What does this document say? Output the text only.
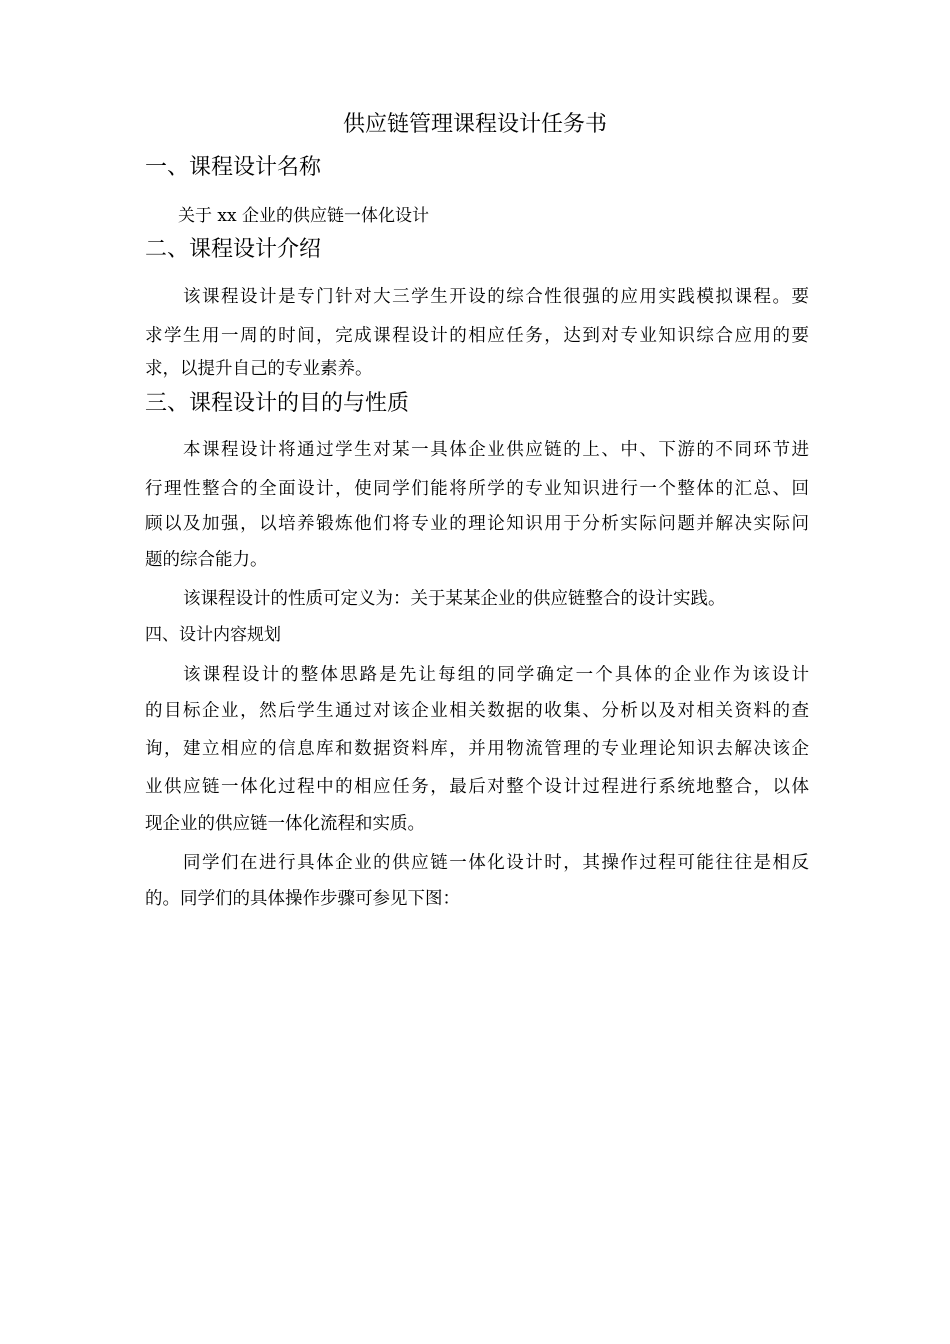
供应链管理课程设计任务书
一、课程设计名称

关于 xx 企业的供应链一体化设计

二、课程设计介绍

该课程设计是专门针对大三学生开设的综合性很强的应用实践模拟课程。要

求学生用一周的时间，完成课程设计的相应任务，达到对专业知识综合应用的要

求，以提升自己的专业素养。

三、课程设计的目的与性质

本课程设计将通过学生对某一具体企业供应链的上、中、下游的不同环节进

行理性整合的全面设计，使同学们能将所学的专业知识进行一个整体的汇总、回

顾以及加强，以培养锻炼他们将专业的理论知识用于分析实际问题并解决实际问

题的综合能力。

该课程设计的性质可定义为：关于某某企业的供应链整合的设计实践。

四、设计内容规划

该课程设计的整体思路是先让每组的同学确定一个具体的企业作为该设计

的目标企业，然后学生通过对该企业相关数据的收集、分析以及对相关资料的查

询，建立相应的信息库和数据资料库，并用物流管理的专业理论知识去解决该企

业供应链一体化过程中的相应任务，最后对整个设计过程进行系统地整合，以体

现企业的供应链一体化流程和实质。

同学们在进行具体企业的供应链一体化设计时，其操作过程可能往往是相反

的。同学们的具体操作步骤可参见下图：
